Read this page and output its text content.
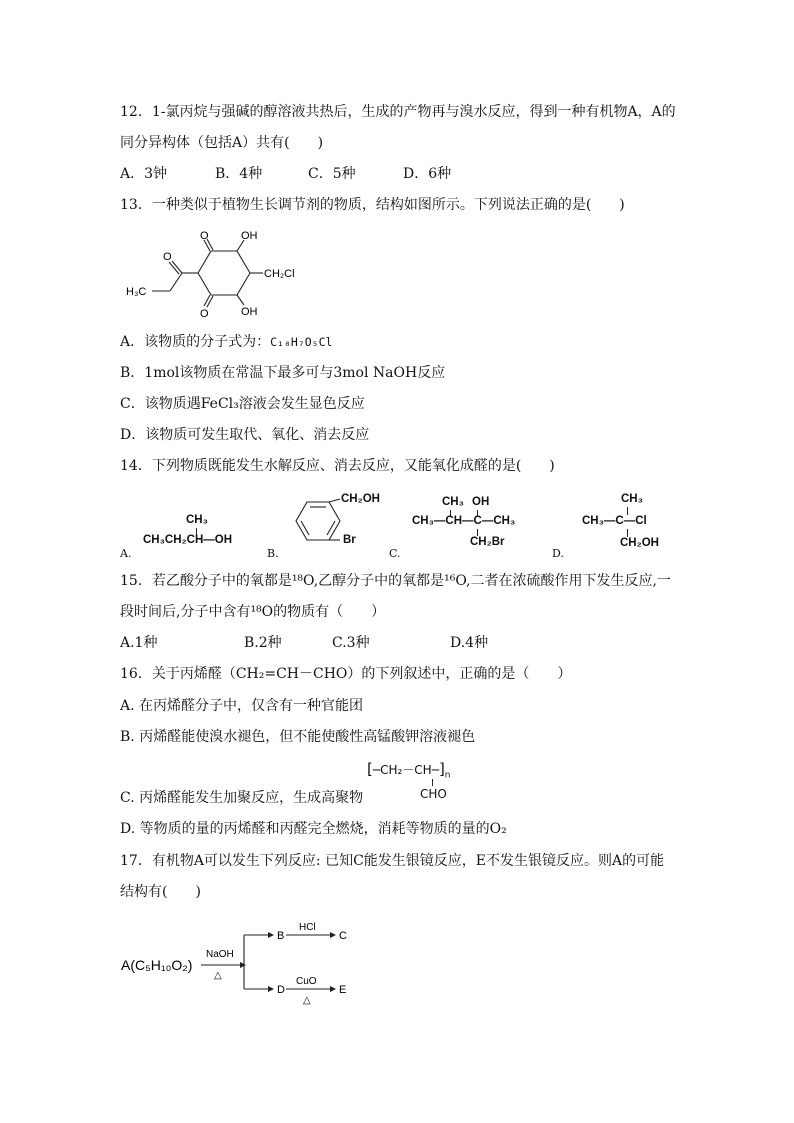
12．1-氯丙烷与强碱的醇溶液共热后，生成的产物再与溴水反应，得到一种有机物A，A的
同分异构体（包括A）共有(　　)
A．3钟	B．4种	C．5种	D．6种
13．一种类似于植物生长调节剂的物质，结构如图所示。下列说法正确的是(　　)
O
O
O
OH
OH
CH₂Cl
H₃C
A．该物质的分子式为：C₁₀H₇O₅Cl
B．1mol该物质在常温下最多可与3mol NaOH反应
C．该物质遇FeCl₃溶液会发生显色反应
D．该物质可发生取代、氧化、消去反应
14．下列物质既能发生水解反应、消去反应，又能氧化成醛的是(　　)
A.
CH₃
CH₃CH₂CH—OH
B.
CH₂OH
Br
C.
CH₃ OH
CH₃—CH—C—CH₃
CH₂Br
D.
CH₃
CH₃—C—Cl
CH₂OH
15．若乙酸分子中的氧都是¹⁸O,乙醇分子中的氧都是¹⁶O,二者在浓硫酸作用下发生反应,一
段时间后,分子中含有¹⁸O的物质有（　　）
A.1种	B.2种	C.3种	D.4种
16．关于丙烯醛（CH₂=CH－CHO）的下列叙述中，正确的是（　　）
A. 在丙烯醛分子中，仅含有一种官能团
B. 丙烯醛能使溴水褪色，但不能使酸性高锰酸钾溶液褪色
$[─CH_2-CH─]_n$
CHO
C. 丙烯醛能发生加聚反应，生成高聚物
D. 等物质的量的丙烯醛和丙醛完全燃烧，消耗等物质的量的O₂
17．有机物A可以发生下列反应: 已知C能发生银镜反应，E不发生银镜反应。则A的可能
结构有(　　)
A(C₅H₁₀O₂)
NaOH
△
B
HCl
C
D
CuO
△
E
